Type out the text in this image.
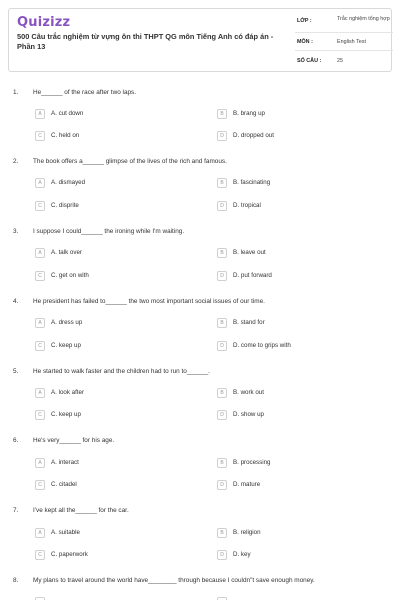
Quizizz
500 Câu trắc nghiệm từ vựng ôn thi THPT QG môn Tiếng Anh có đáp án - Phần 13
LỚP :	Trắc nghiệm tổng hợp
MÔN :	English Test
SỐ CÂU :	25
1. He______ of the race after two laps.
A	A. cut down	B	B. brang up
C	C. held on	D	D. dropped out
2. The book offers a______ glimpse of the lives of the rich and famous.
A	A. dismayed	B	B. fascinating
C	C. disprite	D	D. tropical
3. I suppose I could______ the ironing while I'm waiting.
A	A. talk over	B	B. leave out
C	C. get on with	D	D. put forward
4. He president has failed to______ the two most important social issues of our time.
A	A. dress up	B	B. stand for
C	C. keep up	D	D. come to grips with
5. He started to walk faster and the children had to run to______.
A	A. look after	B	B. work out
C	C. keep up	D	D. show up
6. He's very______ for his age.
A	A. interact	B	B. processing
C	C. citadel	D	D. mature
7. I've kept all the______ for the car.
A	A. suitable	B	B. religion
C	C. paperwork	D	D. key
8. My plans to travel around the world have________ through because I couldn"t save enough money.
